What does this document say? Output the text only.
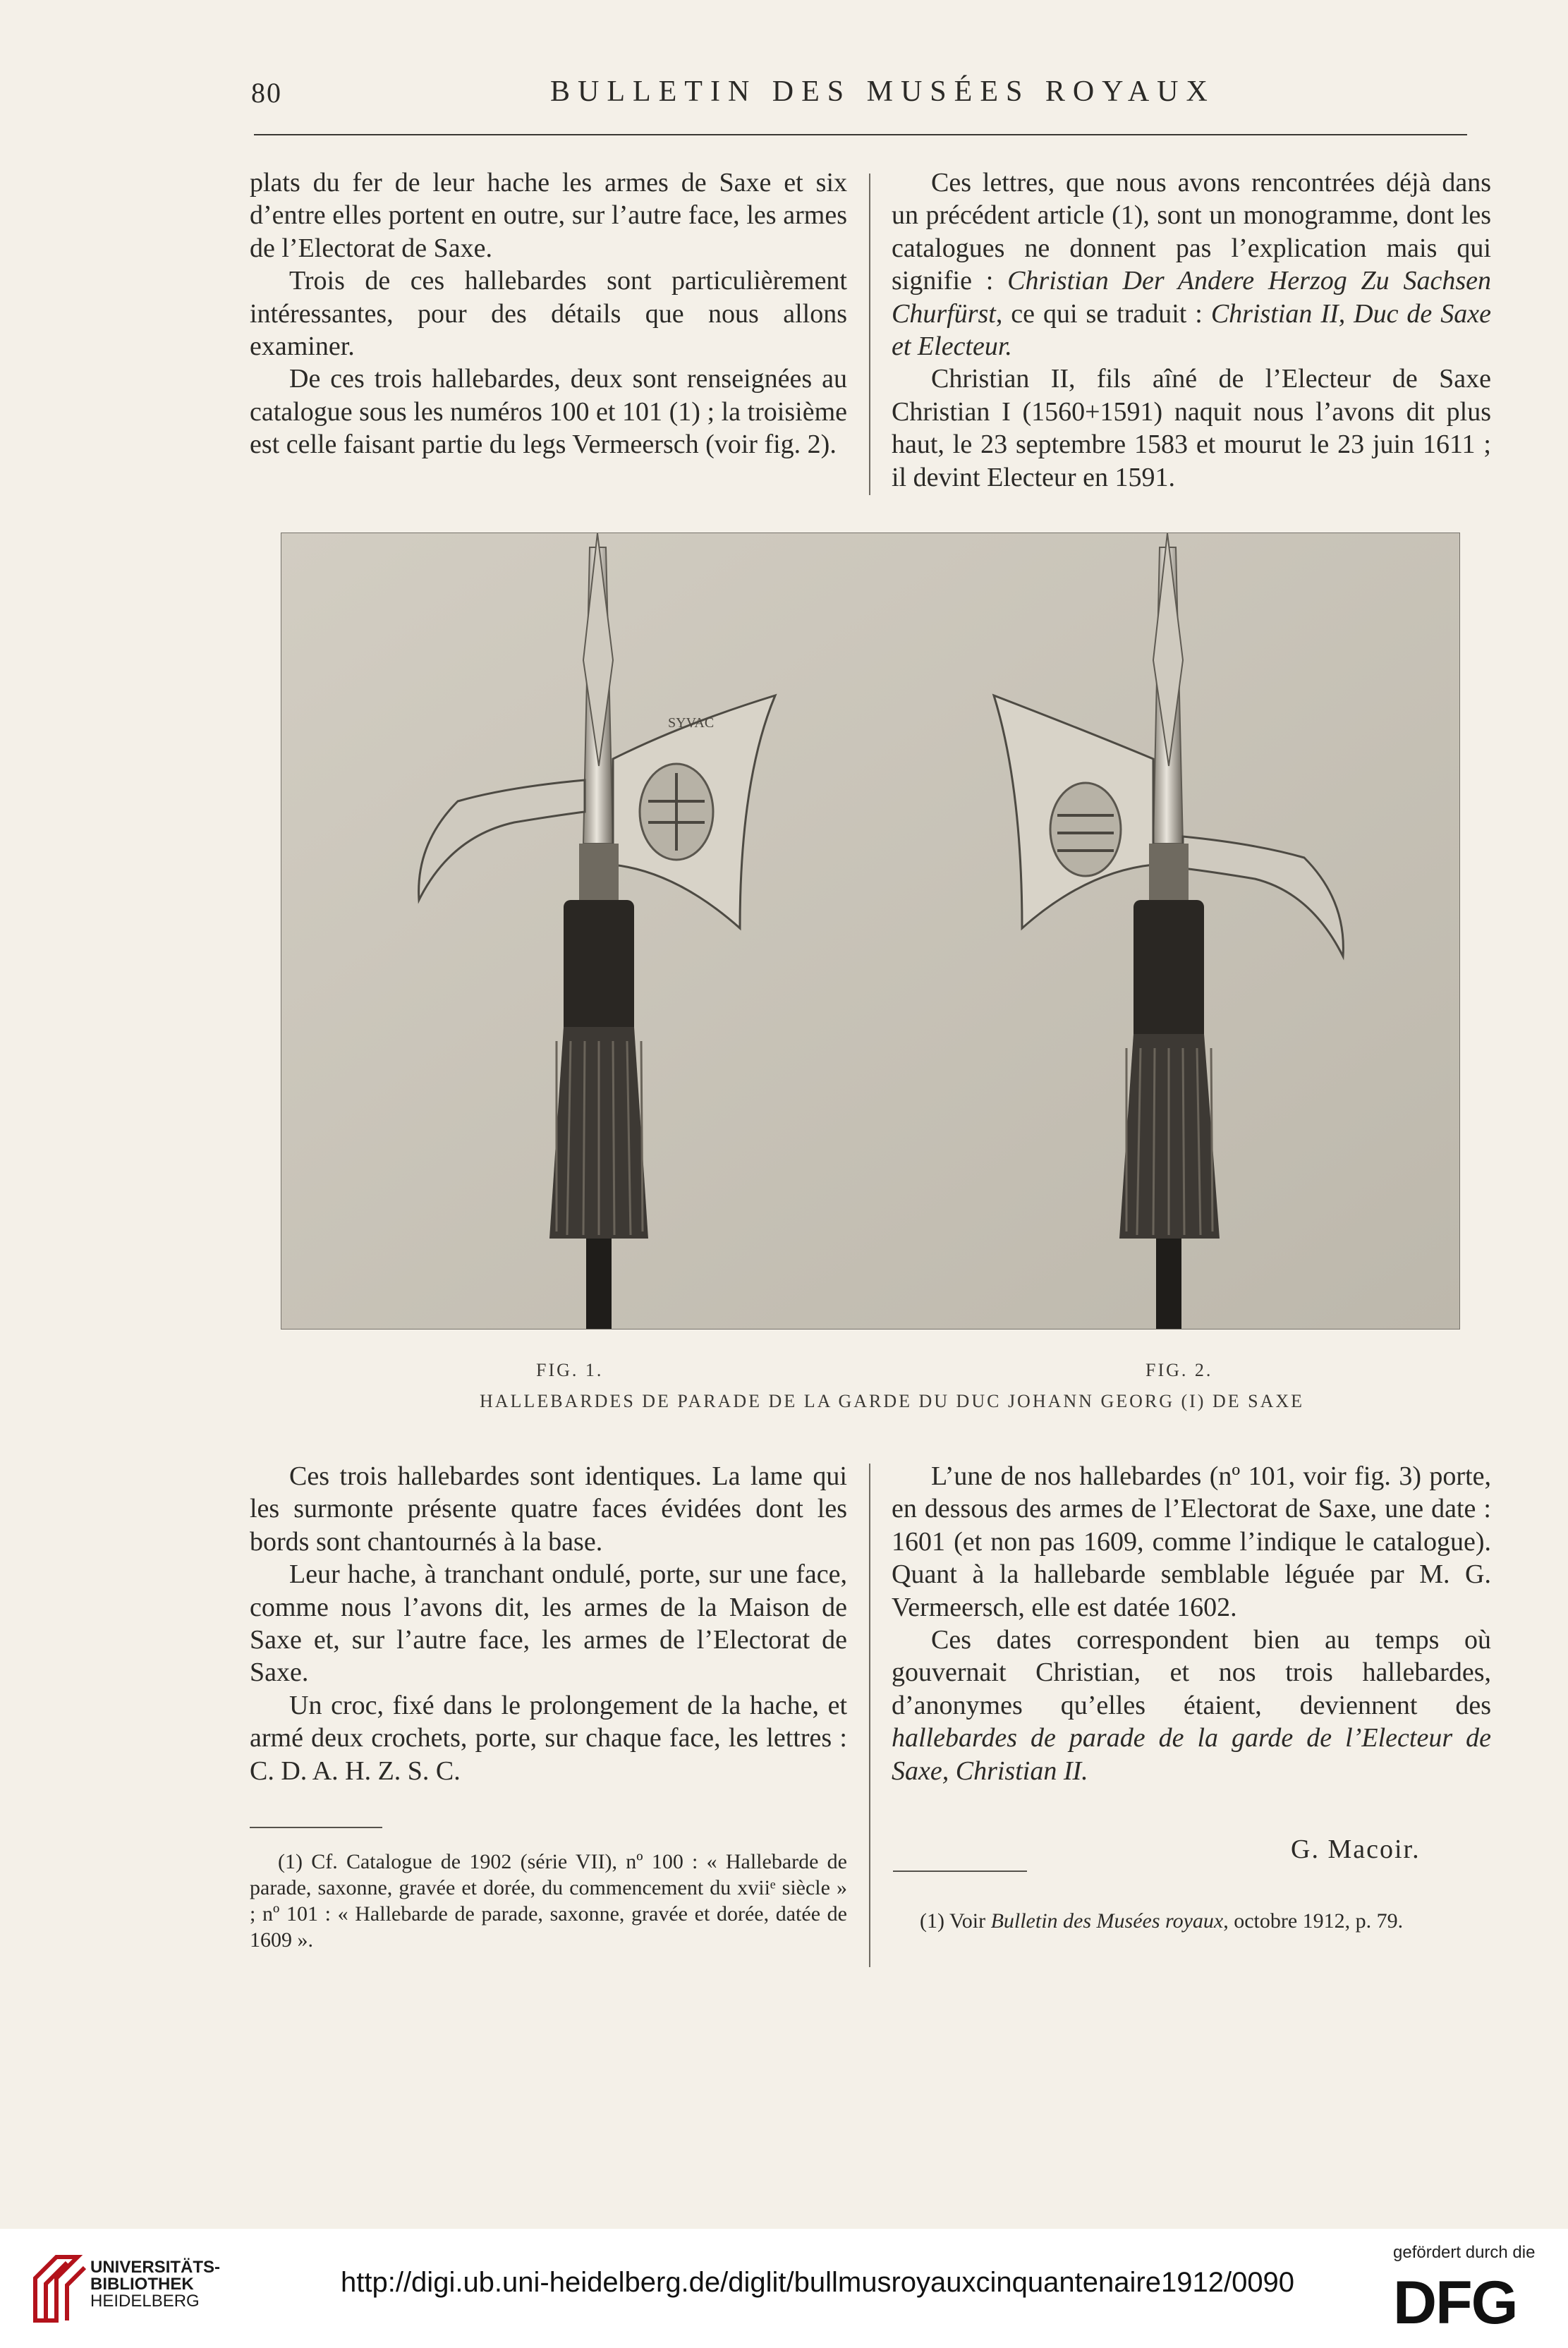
80	BULLETIN DES MUSÉES ROYAUX

plats du fer de leur hache les armes de Saxe et six d’entre elles portent en outre, sur l’autre face, les armes de l’Electorat de Saxe.

Trois de ces hallebardes sont particulièrement intéressantes, pour des détails que nous allons examiner.

De ces trois hallebardes, deux sont renseignées au catalogue sous les numéros 100 et 101 (1) ; la troisième est celle faisant partie du legs Vermeersch (voir fig. 2).

Ces lettres, que nous avons rencontrées déjà dans un précédent article (1), sont un monogramme, dont les catalogues ne donnent pas l’explication mais qui signifie : Christian Der Andere Herzog Zu Sachsen Churfürst, ce qui se traduit : Christian II, Duc de Saxe et Electeur.

Christian II, fils aîné de l’Electeur de Saxe Christian I (1560+1591) naquit nous l’avons dit plus haut, le 23 septembre 1583 et mourut le 23 juin 1611 ; il devint Electeur en 1591.

SYVAC
FIG. 1.	FIG. 2.
HALLEBARDES DE PARADE DE LA GARDE DU DUC JOHANN GEORG (I) DE SAXE

Ces trois hallebardes sont identiques. La lame qui les surmonte présente quatre faces évidées dont les bords sont chantournés à la base.

Leur hache, à tranchant ondulé, porte, sur une face, comme nous l’avons dit, les armes de la Maison de Saxe et, sur l’autre face, les armes de l’Electorat de Saxe.

Un croc, fixé dans le prolongement de la hache, et armé deux crochets, porte, sur chaque face, les lettres : C. D. A. H. Z. S. C.

(1) Cf. Catalogue de 1902 (série VII), nº 100 : « Hallebarde de parade, saxonne, gravée et dorée, du commencement du xviiᵉ siècle » ; nº 101 : « Hallebarde de parade, saxonne, gravée et dorée, datée de 1609 ».

L’une de nos hallebardes (nº 101, voir fig. 3) porte, en dessous des armes de l’Electorat de Saxe, une date : 1601 (et non pas 1609, comme l’indique le catalogue). Quant à la hallebarde semblable léguée par M. G. Vermeersch, elle est datée 1602.

Ces dates correspondent bien au temps où gouvernait Christian, et nos trois hallebardes, d’anonymes qu’elles étaient, deviennent des hallebardes de parade de la garde de l’Electeur de Saxe, Christian II.

G. Macoir.

(1) Voir Bulletin des Musées royaux, octobre 1912, p. 79.

UNIVERSITÄTS-
BIBLIOTHEK
HEIDELBERG
http://digi.ub.uni-heidelberg.de/diglit/bullmusroyauxcinquantenaire1912/0090
gefördert durch die
DFG
